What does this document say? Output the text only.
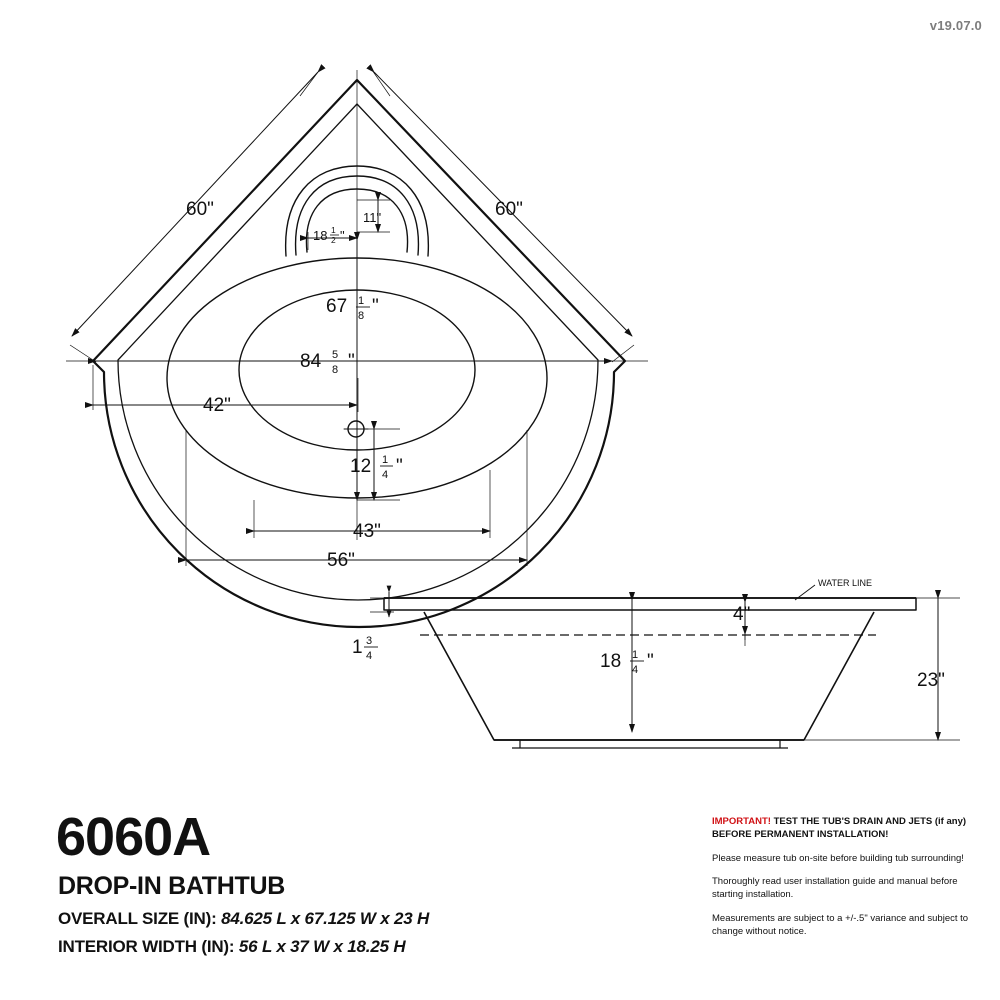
v19.07.0
60"	60"
67 1
8 "
84 5
8 "
42"
43"
56"
12 1
4 "
11"
18 1
2 "
18 1
4 "
23"
4"
1 3
4
WATER LINE
6060A
DROP-IN BATHTUB
OVERALL SIZE (IN): 84.625 L x 67.125 W x 23 H
INTERIOR WIDTH (IN): 56 L x 37 W x 18.25 H

IMPORTANT! TEST THE TUB'S DRAIN AND JETS (if any) BEFORE PERMANENT INSTALLATION!

Please measure tub on-site before building tub surrounding!

Thoroughly read user installation guide and manual before starting installation.

Measurements are subject to a +/-.5" variance and subject to change without notice.
